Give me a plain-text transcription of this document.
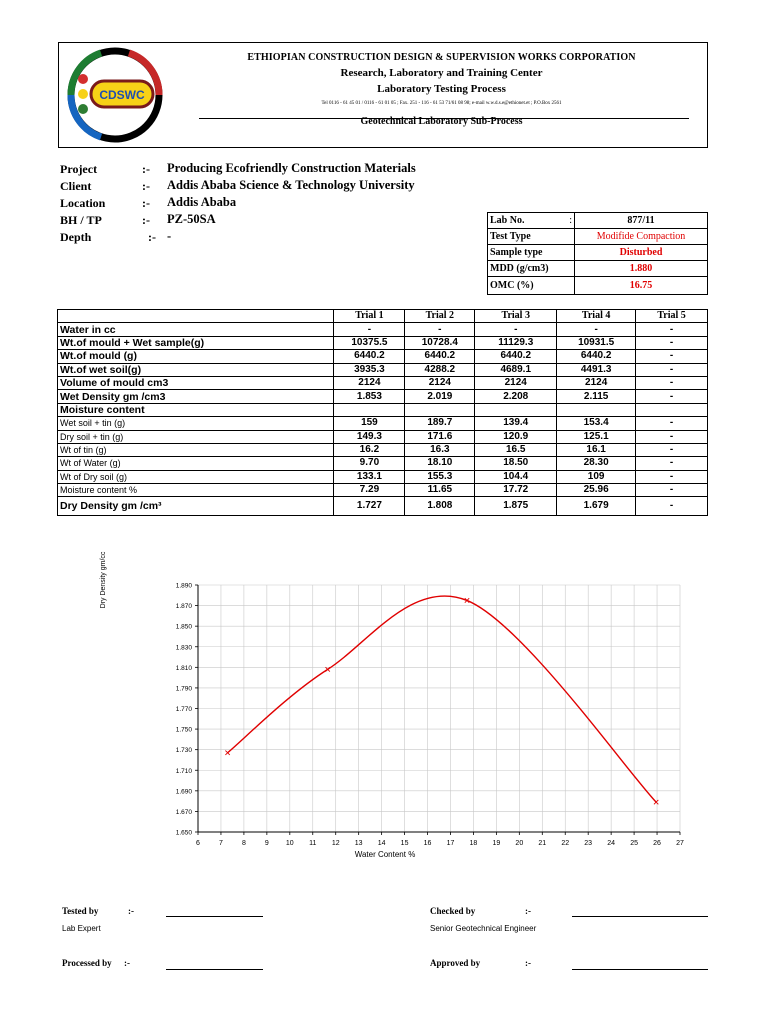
CDSWC
ETHIOPIAN CONSTRUCTION DESIGN & SUPERVISION WORKS CORPORATION
Research, Laboratory and Training Center
Laboratory Testing Process
Tel 0116 - 61 45 01 / 0116 - 61 01 05 ; Fax. 251 - 116 - 61 53 71/61 08 98; e-mail w.w.d.s.e@ethionet.et ; P.O.Box 2561
Geotechnical Laboratory Sub-Process
Project	:- Producing Ecofriendly Construction Materials
Client	:- Addis Ababa Science & Technology University
Location	:- Addis Ababa
BH / TP	:- PZ-50SA
Depth	:- -
Lab No. :	877/11
Test Type	Modifide Compaction
Sample type	Disturbed
MDD (g/cm3)	1.880
OMC (%)	16.75
	Trial 1	Trial 2	Trial 3	Trial 4	Trial 5
Water in cc	-	-	-	-	-
Wt.of mould + Wet sample(g)	10375.5	10728.4	11129.3	10931.5	-
Wt.of mould (g)	6440.2	6440.2	6440.2	6440.2	-
Wt.of wet soil(g)	3935.3	4288.2	4689.1	4491.3	-
Volume of mould cm3	2124	2124	2124	2124	-
Wet Density gm /cm3	1.853	2.019	2.208	2.115	-
Moisture content					
Wet soil + tin (g)	159	189.7	139.4	153.4	-
Dry soil + tin (g)	149.3	171.6	120.9	125.1	-
Wt of tin (g)	16.2	16.3	16.5	16.1	-
Wt of Water (g)	9.70	18.10	18.50	28.30	-
Wt of Dry soil (g)	133.1	155.3	104.4	109	-
Moisture content %	7.29	11.65	17.72	25.96	-
Dry Density gm /cm³	1.727	1.808	1.875	1.679	-
6	7	8	9 10 11 12 13 14 15 16 17 18 19 20 21 22 23 24 25 26 27
1.650
1.670
1.690
1.710
1.730
1.750
1.770
1.790
1.810
1.830
1.850
1.870
1.890
Dry Density gm/cc
Water Content %
Tested by	:-
Lab Expert
Checked by	:-
Senior Geotechnical Engineer
Processed by :-	Approved by	:-
